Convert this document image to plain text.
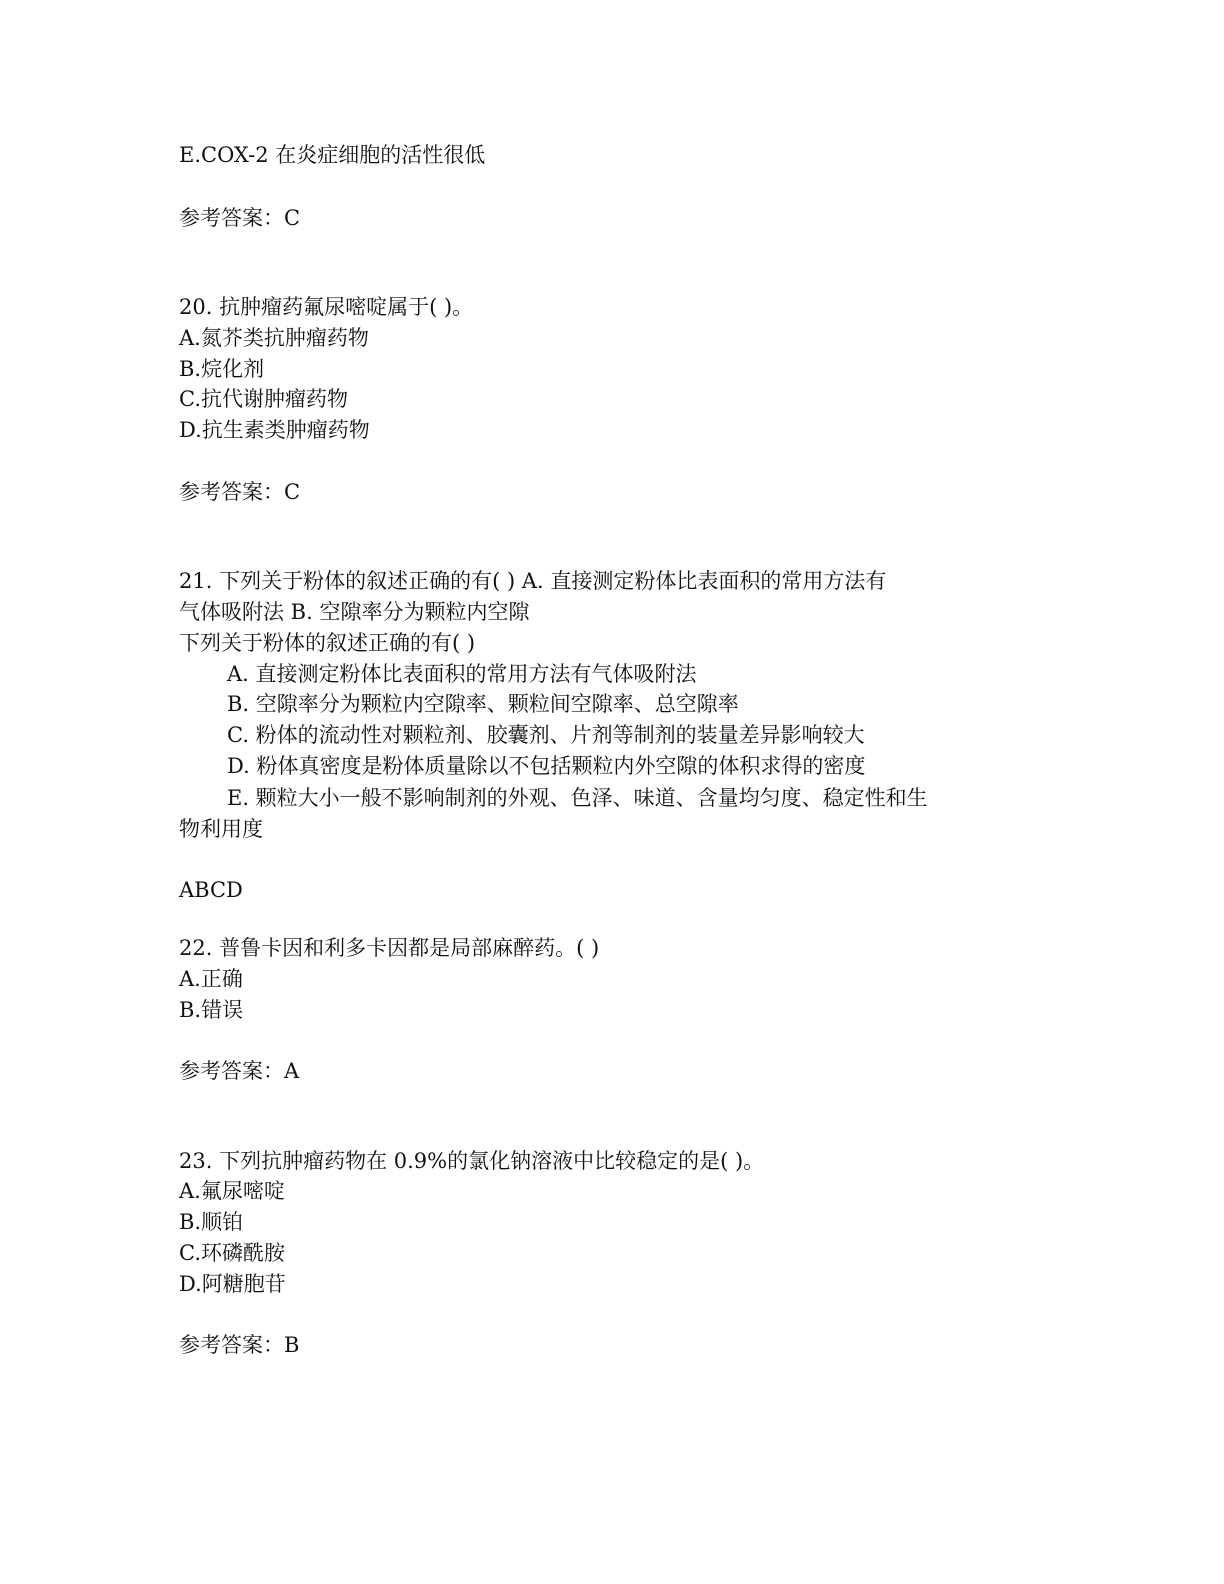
E.COX-2 在炎症细胞的活性很低
参考答案：C
20. 抗肿瘤药氟尿嘧啶属于( )。
A.氮芥类抗肿瘤药物
B.烷化剂
C.抗代谢肿瘤药物
D.抗生素类肿瘤药物
参考答案：C
21. 下列关于粉体的叙述正确的有( ) A. 直接测定粉体比表面积的常用方法有
气体吸附法 B. 空隙率分为颗粒内空隙
下列关于粉体的叙述正确的有( )
A. 直接测定粉体比表面积的常用方法有气体吸附法
B. 空隙率分为颗粒内空隙率、颗粒间空隙率、总空隙率
C. 粉体的流动性对颗粒剂、胶囊剂、片剂等制剂的装量差异影响较大
D. 粉体真密度是粉体质量除以不包括颗粒内外空隙的体积求得的密度
E. 颗粒大小一般不影响制剂的外观、色泽、味道、含量均匀度、稳定性和生
物利用度
ABCD
22. 普鲁卡因和利多卡因都是局部麻醉药。( )
A.正确
B.错误
参考答案：A
23. 下列抗肿瘤药物在 0.9%的氯化钠溶液中比较稳定的是( )。
A.氟尿嘧啶
B.顺铂
C.环磷酰胺
D.阿糖胞苷
参考答案：B
